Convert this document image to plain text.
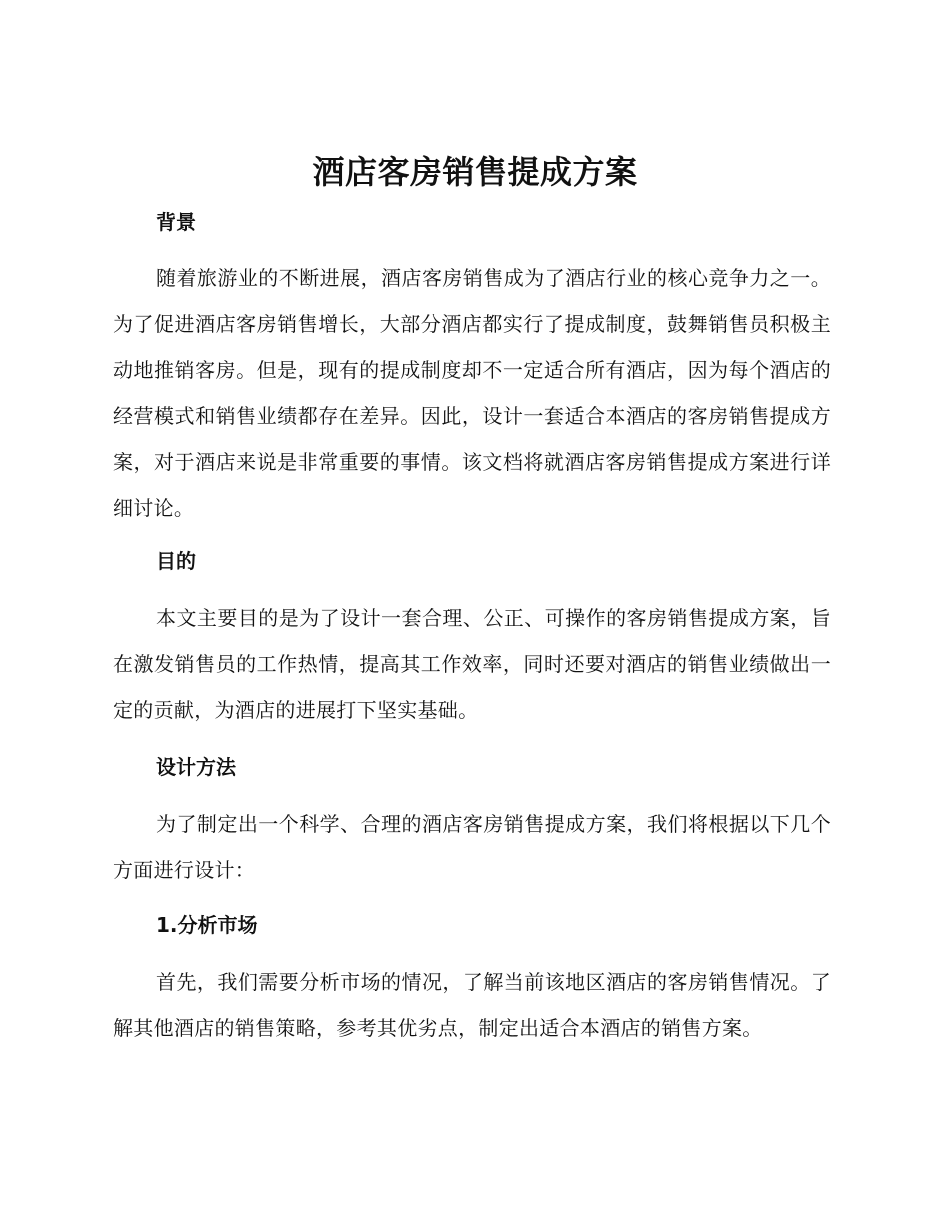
酒店客房销售提成方案
背景
随着旅游业的不断进展，酒店客房销售成为了酒店行业的核心竞争力之一。为了促进酒店客房销售增长，大部分酒店都实行了提成制度，鼓舞销售员积极主动地推销客房。但是，现有的提成制度却不一定适合所有酒店，因为每个酒店的经营模式和销售业绩都存在差异。因此，设计一套适合本酒店的客房销售提成方案，对于酒店来说是非常重要的事情。该文档将就酒店客房销售提成方案进行详细讨论。
目的
本文主要目的是为了设计一套合理、公正、可操作的客房销售提成方案，旨在激发销售员的工作热情，提高其工作效率，同时还要对酒店的销售业绩做出一定的贡献，为酒店的进展打下坚实基础。
设计方法
为了制定出一个科学、合理的酒店客房销售提成方案，我们将根据以下几个方面进行设计：
1.分析市场
首先，我们需要分析市场的情况，了解当前该地区酒店的客房销售情况。了解其他酒店的销售策略，参考其优劣点，制定出适合本酒店的销售方案。
